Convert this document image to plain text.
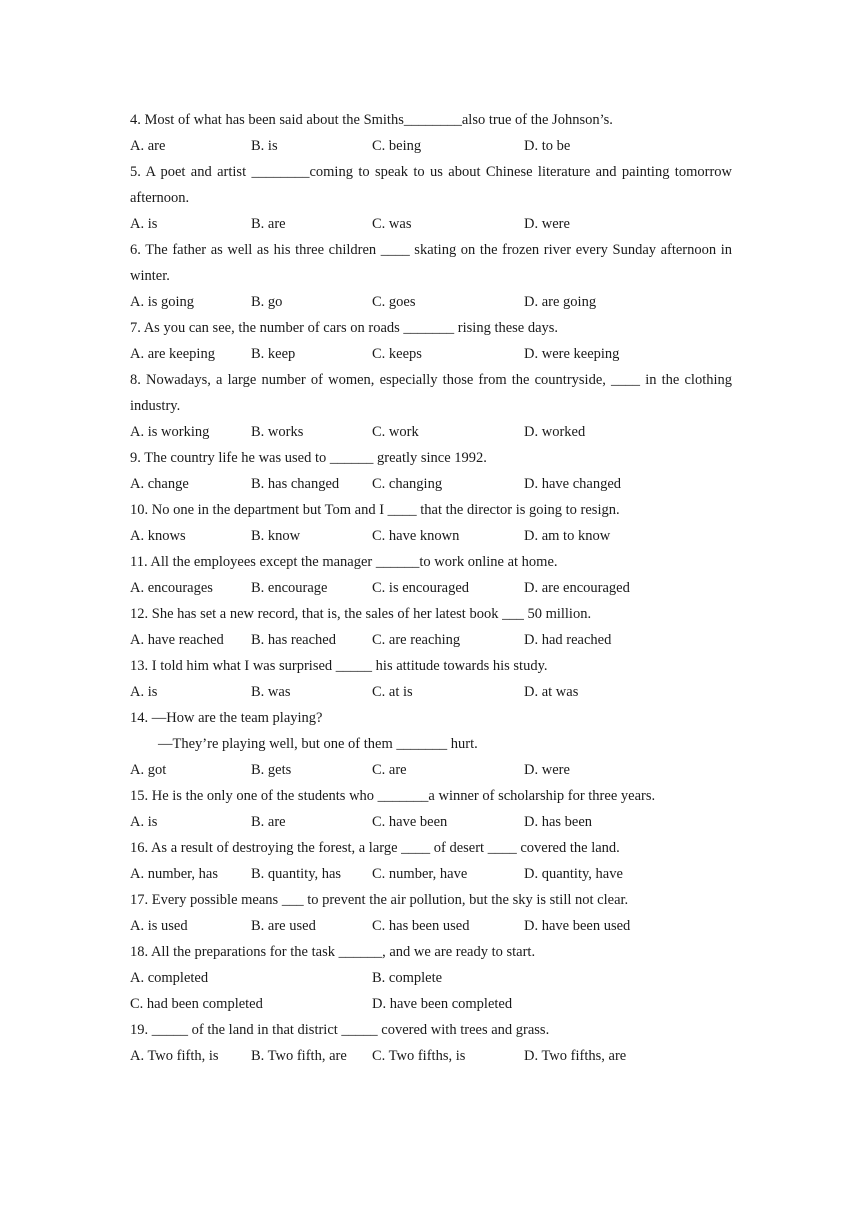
4. Most of what has been said about the Smiths________also true of the Johnson’s.

A. are	B. is	C. being	D. to be

5. A poet and artist ________coming to speak to us about Chinese literature and painting tomorrow afternoon.

A. is	B. are	C. was	D. were

6. The father as well as his three children ____ skating on the frozen river every Sunday afternoon in winter.

A. is going	B. go	C. goes	D. are going

7. As you can see, the number of cars on roads _______ rising these days.

A. are keeping B. keep	C. keeps	D. were keeping

8. Nowadays, a large number of women, especially those from the countryside, ____ in the clothing industry.

A. is working	B. works	C. work	D. worked

9. The country life he was used to ______ greatly since 1992.

A. change	B. has changed C. changing	D. have changed

10. No one in the department but Tom and I ____ that the director is going to resign.

A. knows	B. know	C. have known	D. am to know

11. All the employees except the manager ______to work online at home.

A. encourages	B. encourage	C. is encouraged	D. are encouraged

12. She has set a new record, that is, the sales of her latest book ___ 50 million.

A. have reached B. has reached C. are reaching	D. had reached

13. I told him what I was surprised _____ his attitude towards his study.

A. is	B. was	C. at is	D. at was

14. —How are the team playing?

—They’re playing well, but one of them _______ hurt.

A. got	B. gets	C. are	D. were

15. He is the only one of the students who _______a winner of scholarship for three years.

A. is	B. are	C. have been	D. has been

16. As a result of destroying the forest, a large ____ of desert ____ covered the land.

A. number, has B. quantity, has C. number, have	D. quantity, have

17. Every possible means ___ to prevent the air pollution, but the sky is still not clear.

A. is used	B. are used	C. has been used	D. have been used

18. All the preparations for the task ______, and we are ready to start.

A. completed	B. complete
C. had been completed	D. have been completed

19. _____ of the land in that district _____ covered with trees and grass.

A. Two fifth, is B. Two fifth, are C. Two fifths, is	D. Two fifths, are
